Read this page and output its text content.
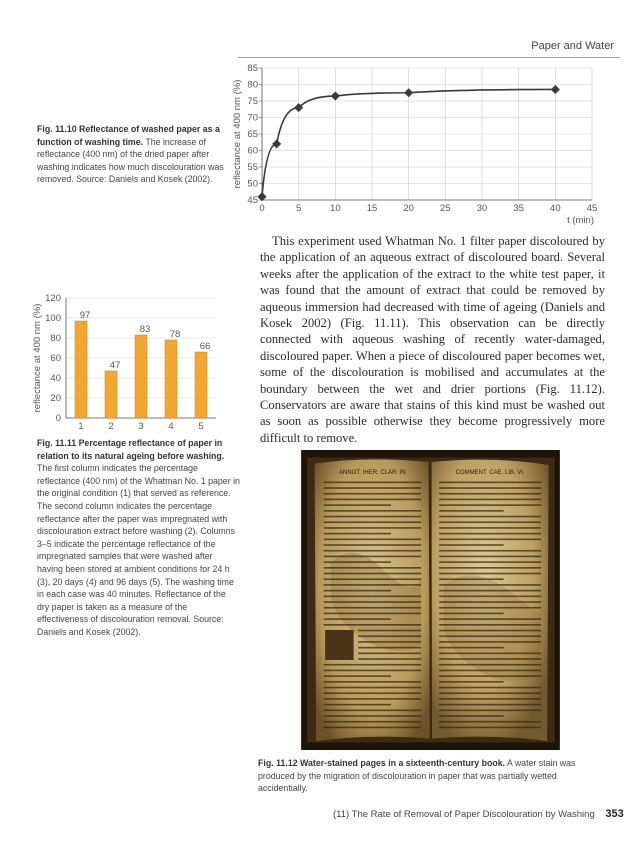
Paper and Water
45
50
55
60
65
70
75
80
85
0	5	10	15	20	25	30	35	40	45
t (min)
reflectance at 400 nm (%)
Fig. 11.10 Reflectance of washed paper as a function of washing time. The increase of reflectance (400 nm) of the dried paper after washing indicates how much discolouration was removed. Source: Daniels and Kosek (2002).
0
20
40
60
80
100
120
97
1
47
2
83
3
78
4
66
5
reflectance at 400 nm (%)
Fig. 11.11 Percentage reflectance of paper in relation to its natural ageing before washing. The first column indicates the percentage reflectance (400 nm) of the Whatman No. 1 paper in the original condition (1) that served as reference. The second column indicates the percentage reflectance after the paper was impregnated with discolouration extract before washing (2). Columns 3–5 indicate the percentage reflectance of the impregnated samples that were washed after having been stored at ambient conditions for 24 h (3), 20 days (4) and 96 days (5). The washing time in each case was 40 minutes. Reflectance of the dry paper is taken as a measure of the effectiveness of discolouration removal. Source: Daniels and Kosek (2002).

This experiment used Whatman No. 1 filter paper discoloured by the application of an aqueous extract of discoloured board. Several weeks after the application of the extract to the white test paper, it was found that the amount of extract that could be removed by aqueous immersion had decreased with time of ageing (Daniels and Kosek 2002) (Fig. 11.11). This observation can be directly connected with aqueous washing of recently water-damaged, discoloured paper. When a piece of discoloured paper becomes wet, some of the discolouration is mobilised and accumulates at the boundary between the wet and drier portions (Fig. 11.12). Conservators are aware that stains of this kind must be washed out as soon as possible otherwise they become progressively more difficult to remove.

ANNOT. IHER. CLAR. IN	COMMENT. CAE. LIB. VI.
(11) The Rate of Removal of Paper Discolouration by Washing 353
Fig. 11.12 Water-stained pages in a sixteenth-century book. A water stain was produced by the migration of discolouration in paper that was partially wetted accidentially.
